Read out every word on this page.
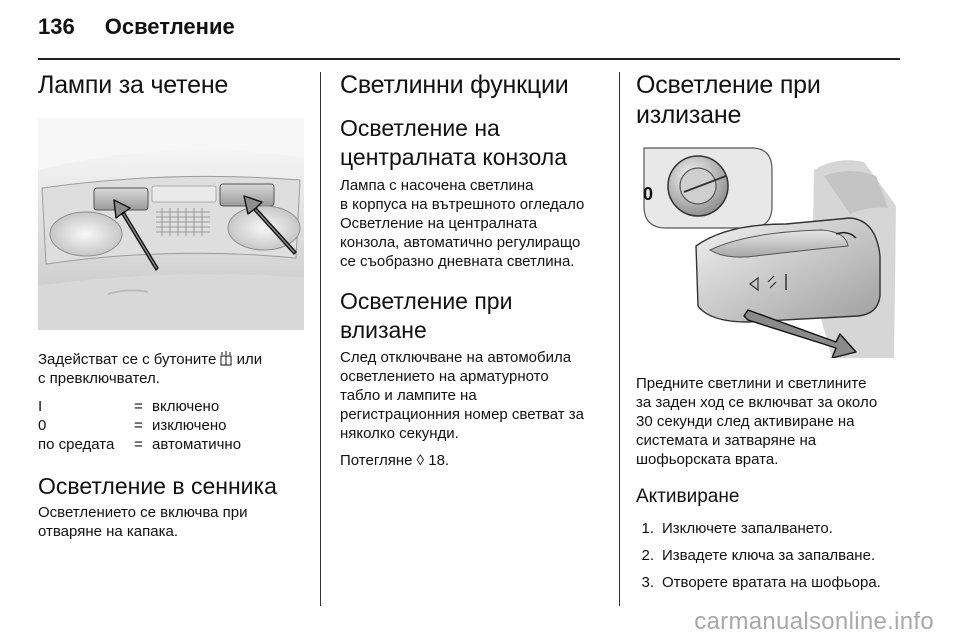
136 Осветление
Лампи за четене

Задействат се с бутоните или
с превключвател.

I	=	включено
0	=	изключено
по средата	=	автоматично
Осветление в сенника

Осветлението се включва при
отваряне на капака.

Светлинни функции
Осветление на
централната конзола

Лампа с насочена светлина
в корпуса на вътрешното огледало
Осветление на централната
конзола, автоматично регулиращо
се съобразно дневната светлина.

Осветление при влизане

След отключване на автомобила
осветлението на арматурното
табло и лампите на
регистрационния номер светват за
няколко секунди.

Потегляне ◊ 18.

Осветление при
излизане
0

Предните светлини и светлините
за заден ход се включват за около
30 секунди след активиране на
системата и затваряне на
шофьорската врата.

Активиране
1. Изключете запалването.
2. Извадете ключа за запалване.
3. Отворете вратата на шофьора.
carmanualsonline.info
